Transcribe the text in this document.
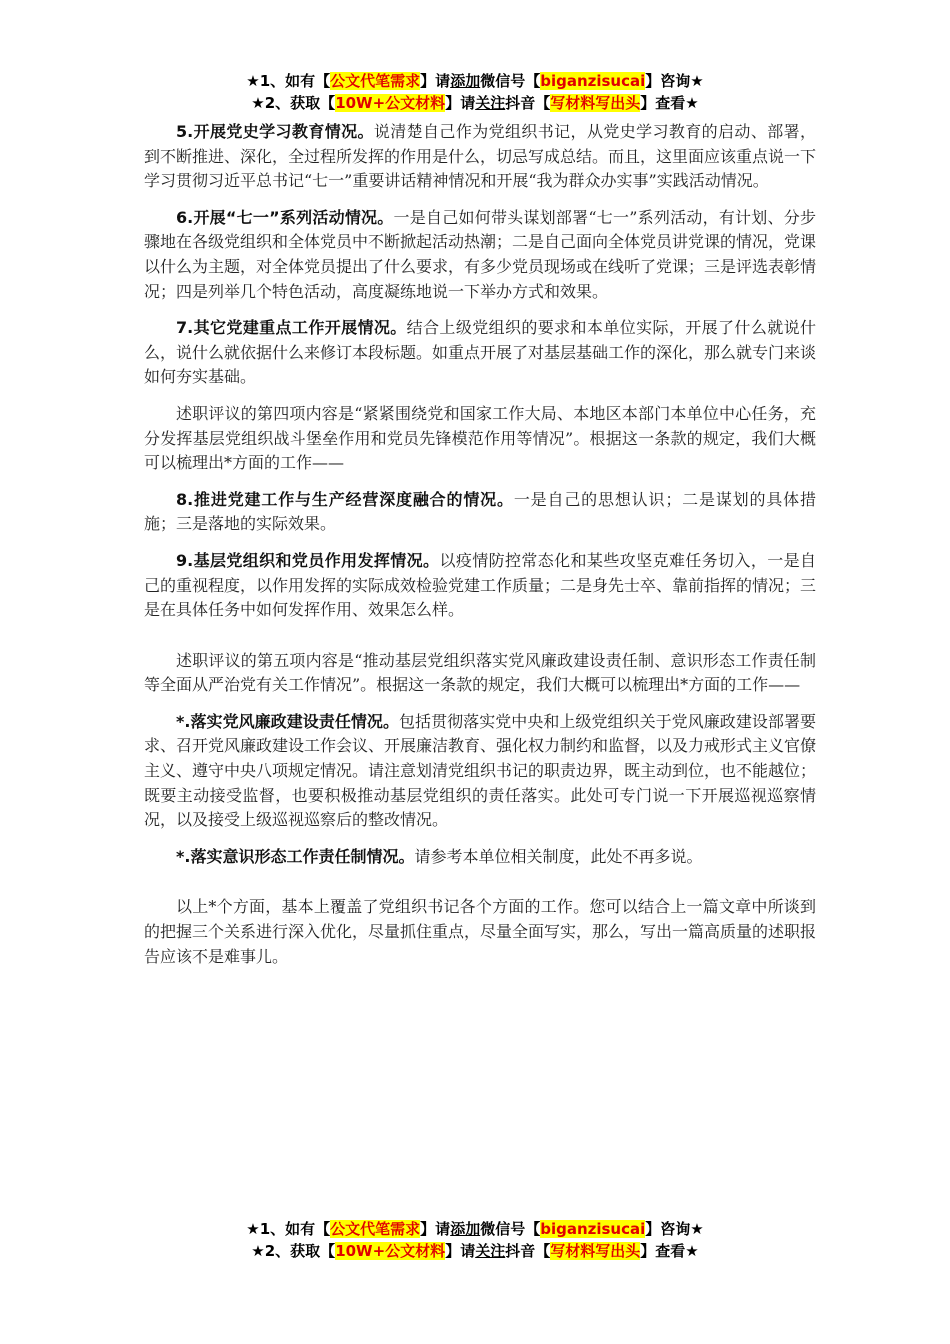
★1、如有【公文代笔需求】请添加微信号【biganzisucai】咨询★
★2、获取【10W+公文材料】请关注抖音【写材料写出头】查看★

5.开展党史学习教育情况。说清楚自己作为党组织书记，从党史学习教育的启动、部署，到不断推进、深化，全过程所发挥的作用是什么，切忌写成总结。而且，这里面应该重点说一下学习贯彻习近平总书记“七一”重要讲话精神情况和开展“我为群众办实事”实践活动情况。

6.开展“七一”系列活动情况。一是自己如何带头谋划部署“七一”系列活动，有计划、分步骤地在各级党组织和全体党员中不断掀起活动热潮；二是自己面向全体党员讲党课的情况，党课以什么为主题，对全体党员提出了什么要求，有多少党员现场或在线听了党课；三是评选表彰情况；四是列举几个特色活动，高度凝练地说一下举办方式和效果。

7.其它党建重点工作开展情况。结合上级党组织的要求和本单位实际，开展了什么就说什么，说什么就依据什么来修订本段标题。如重点开展了对基层基础工作的深化，那么就专门来谈如何夯实基础。

述职评议的第四项内容是“紧紧围绕党和国家工作大局、本地区本部门本单位中心任务，充分发挥基层党组织战斗堡垒作用和党员先锋模范作用等情况”。根据这一条款的规定，我们大概可以梳理出*方面的工作——

8.推进党建工作与生产经营深度融合的情况。一是自己的思想认识；二是谋划的具体措施；三是落地的实际效果。

9.基层党组织和党员作用发挥情况。以疫情防控常态化和某些攻坚克难任务切入，一是自己的重视程度，以作用发挥的实际成效检验党建工作质量；二是身先士卒、靠前指挥的情况；三是在具体任务中如何发挥作用、效果怎么样。

述职评议的第五项内容是“推动基层党组织落实党风廉政建设责任制、意识形态工作责任制等全面从严治党有关工作情况”。根据这一条款的规定，我们大概可以梳理出*方面的工作——

*.落实党风廉政建设责任情况。包括贯彻落实党中央和上级党组织关于党风廉政建设部署要求、召开党风廉政建设工作会议、开展廉洁教育、强化权力制约和监督，以及力戒形式主义官僚主义、遵守中央八项规定情况。请注意划清党组织书记的职责边界，既主动到位，也不能越位；既要主动接受监督，也要积极推动基层党组织的责任落实。此处可专门说一下开展巡视巡察情况，以及接受上级巡视巡察后的整改情况。

*.落实意识形态工作责任制情况。请参考本单位相关制度，此处不再多说。

以上*个方面，基本上覆盖了党组织书记各个方面的工作。您可以结合上一篇文章中所谈到的把握三个关系进行深入优化，尽量抓住重点，尽量全面写实，那么，写出一篇高质量的述职报告应该不是难事儿。

★1、如有【公文代笔需求】请添加微信号【biganzisucai】咨询★
★2、获取【10W+公文材料】请关注抖音【写材料写出头】查看★
